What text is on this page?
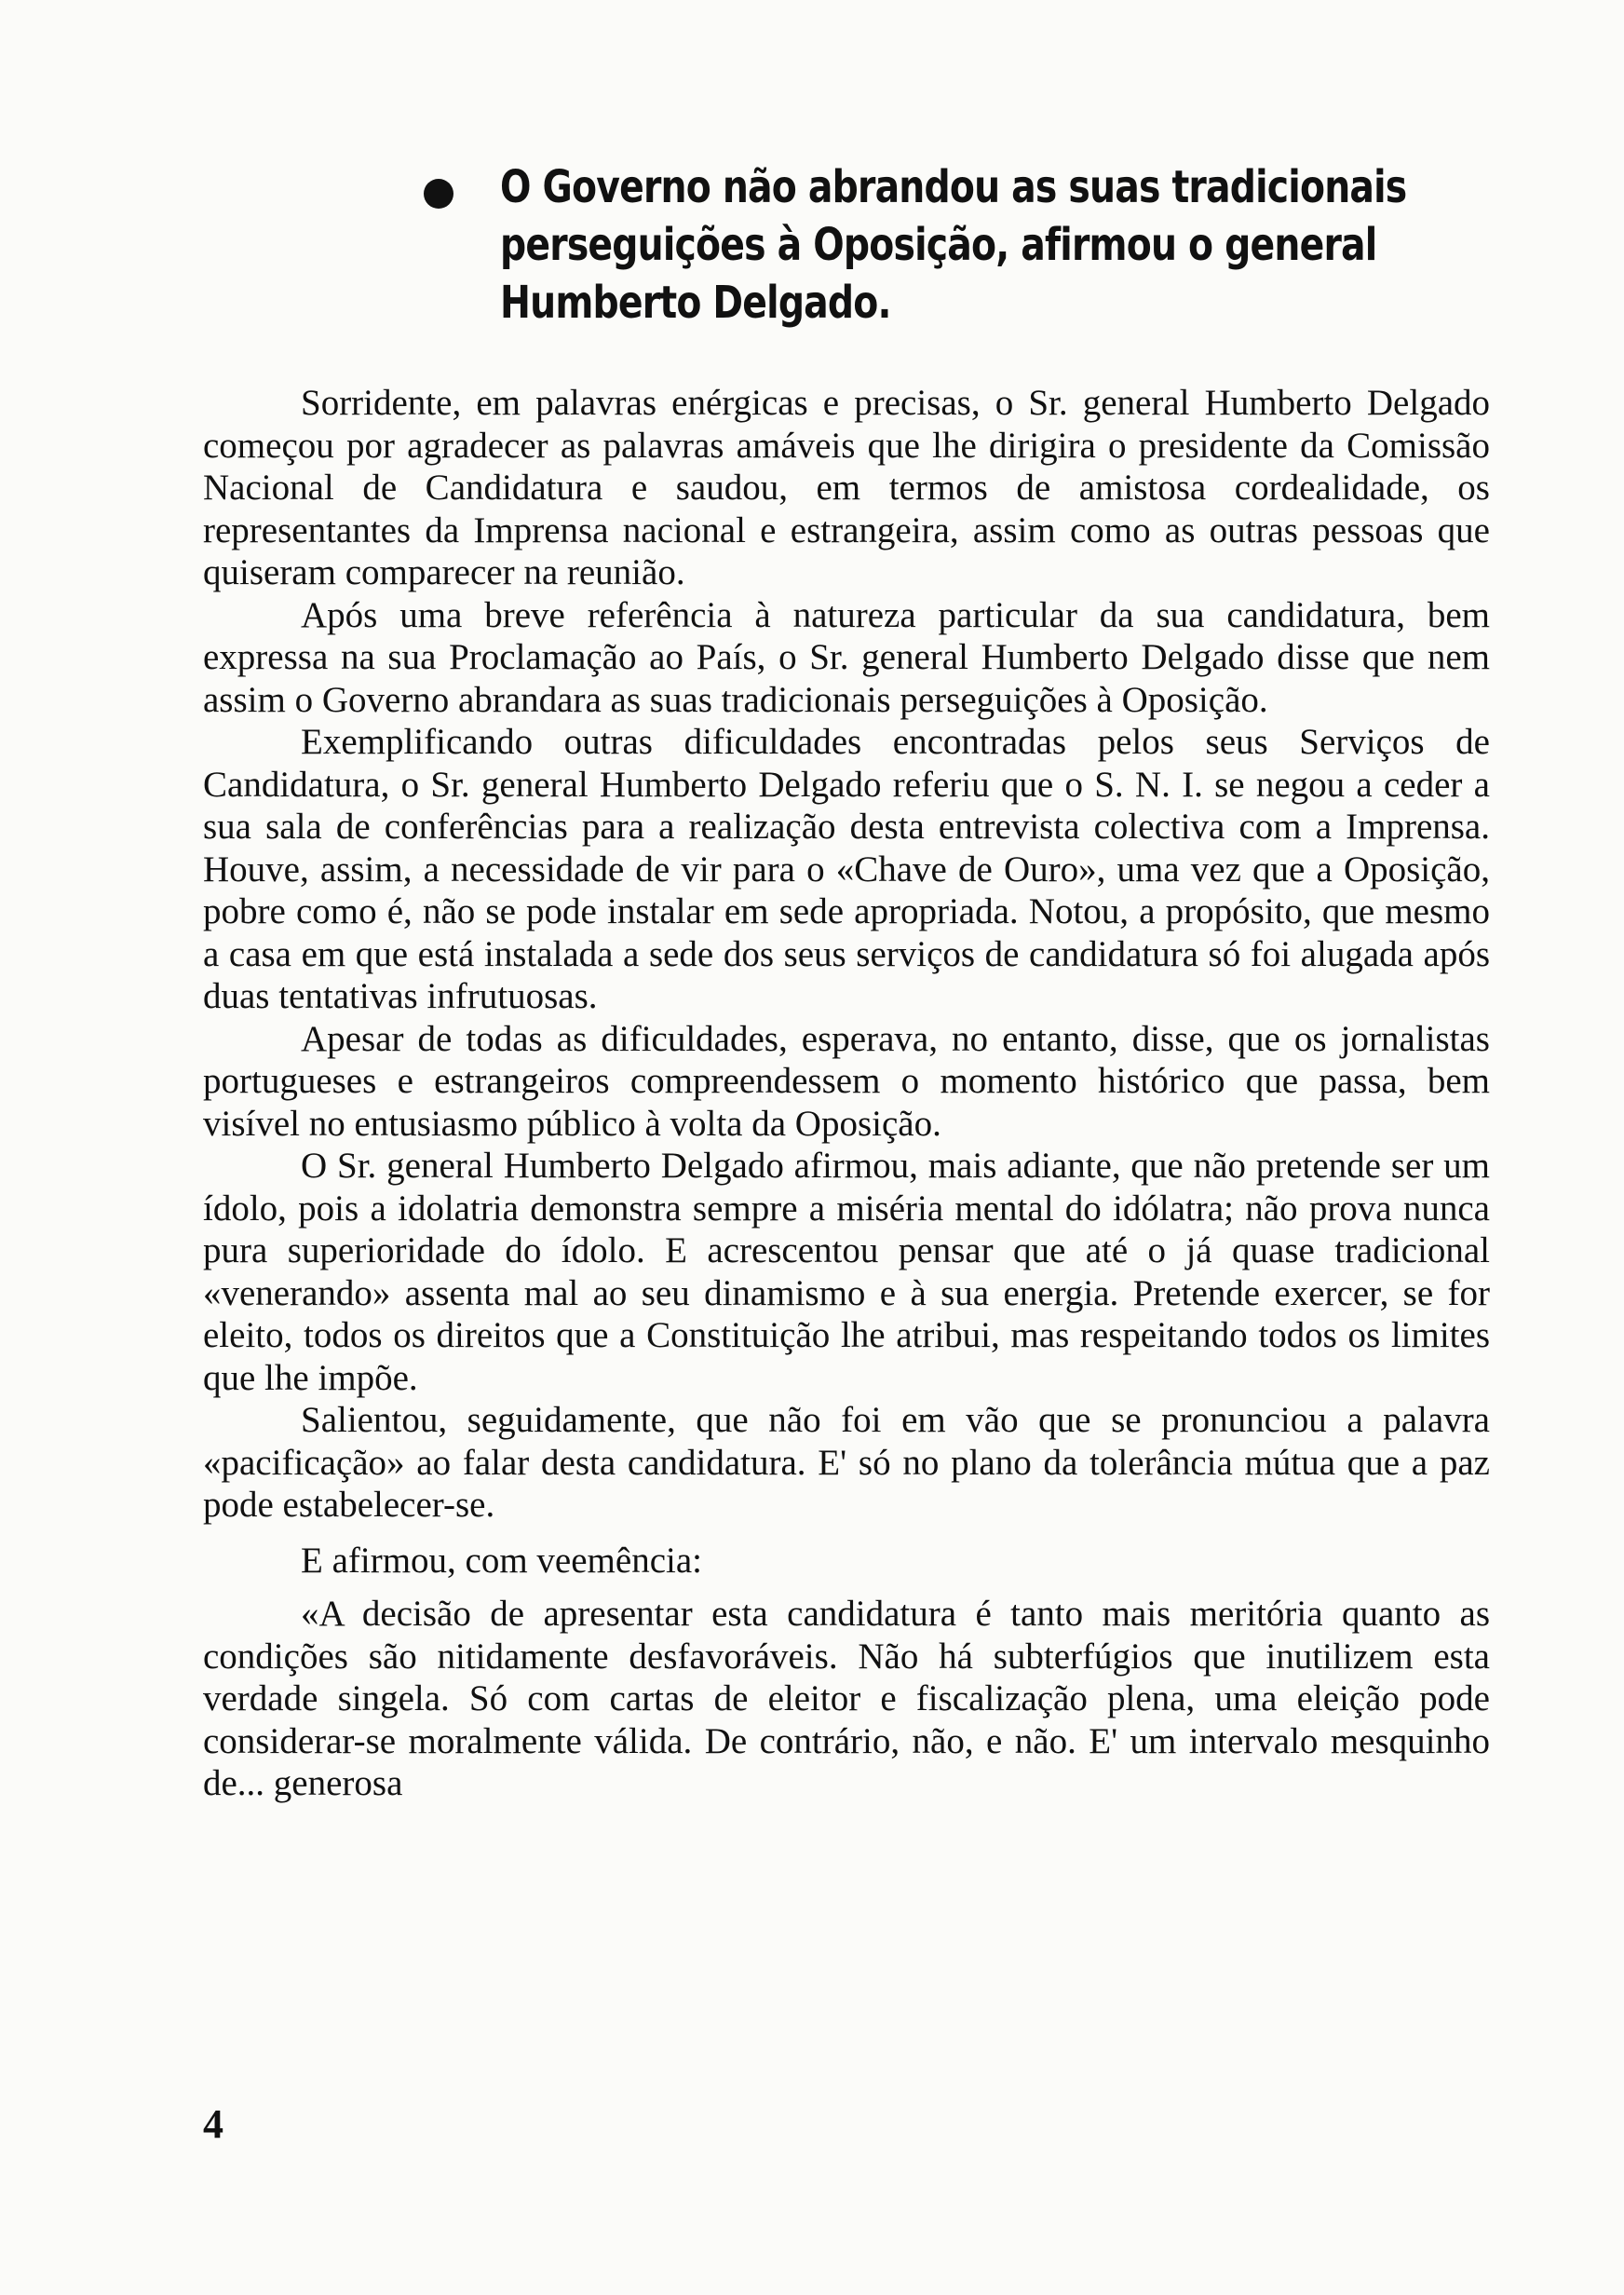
O Governo não abrandou as suas tradicionais perseguições à Oposição, afirmou o general Humberto Delgado.

Sorridente, em palavras enérgicas e precisas, o Sr. general Humberto Delgado começou por agradecer as palavras amáveis que lhe dirigira o presidente da Comissão Nacional de Candidatura e saudou, em termos de amistosa cordealidade, os representantes da Imprensa nacional e estrangeira, assim como as outras pessoas que quiseram comparecer na reunião.

Após uma breve referência à natureza particular da sua candidatura, bem expressa na sua Proclamação ao País, o Sr. general Humberto Delgado disse que nem assim o Governo abrandara as suas tradicionais perseguições à Oposição.

Exemplificando outras dificuldades encontradas pelos seus Serviços de Candidatura, o Sr. general Humberto Delgado referiu que o S. N. I. se negou a ceder a sua sala de conferências para a realização desta entrevista colectiva com a Imprensa. Houve, assim, a necessidade de vir para o «Chave de Ouro», uma vez que a Oposição, pobre como é, não se pode instalar em sede apropriada. Notou, a propósito, que mesmo a casa em que está instalada a sede dos seus serviços de candidatura só foi alugada após duas tentativas infrutuosas.

Apesar de todas as dificuldades, esperava, no entanto, disse, que os jornalistas portugueses e estrangeiros compreendessem o momento histórico que passa, bem visível no entusiasmo público à volta da Oposição.

O Sr. general Humberto Delgado afirmou, mais adiante, que não pretende ser um ídolo, pois a idolatria demonstra sempre a miséria mental do idólatra; não prova nunca pura superioridade do ídolo. E acrescentou pensar que até o já quase tradicional «venerando» assenta mal ao seu dinamismo e à sua energia. Pretende exercer, se for eleito, todos os direitos que a Constituição lhe atribui, mas respeitando todos os limites que lhe impõe.

Salientou, seguidamente, que não foi em vão que se pronunciou a palavra «pacificação» ao falar desta candidatura. E' só no plano da tolerância mútua que a paz pode estabelecer-se.

E afirmou, com veemência:

«A decisão de apresentar esta candidatura é tanto mais meritória quanto as condições são nitidamente desfavoráveis. Não há subterfúgios que inutilizem esta verdade singela. Só com cartas de eleitor e fiscalização plena, uma eleição pode considerar-se moralmente válida. De contrário, não, e não. E' um intervalo mesquinho de... generosa

4
